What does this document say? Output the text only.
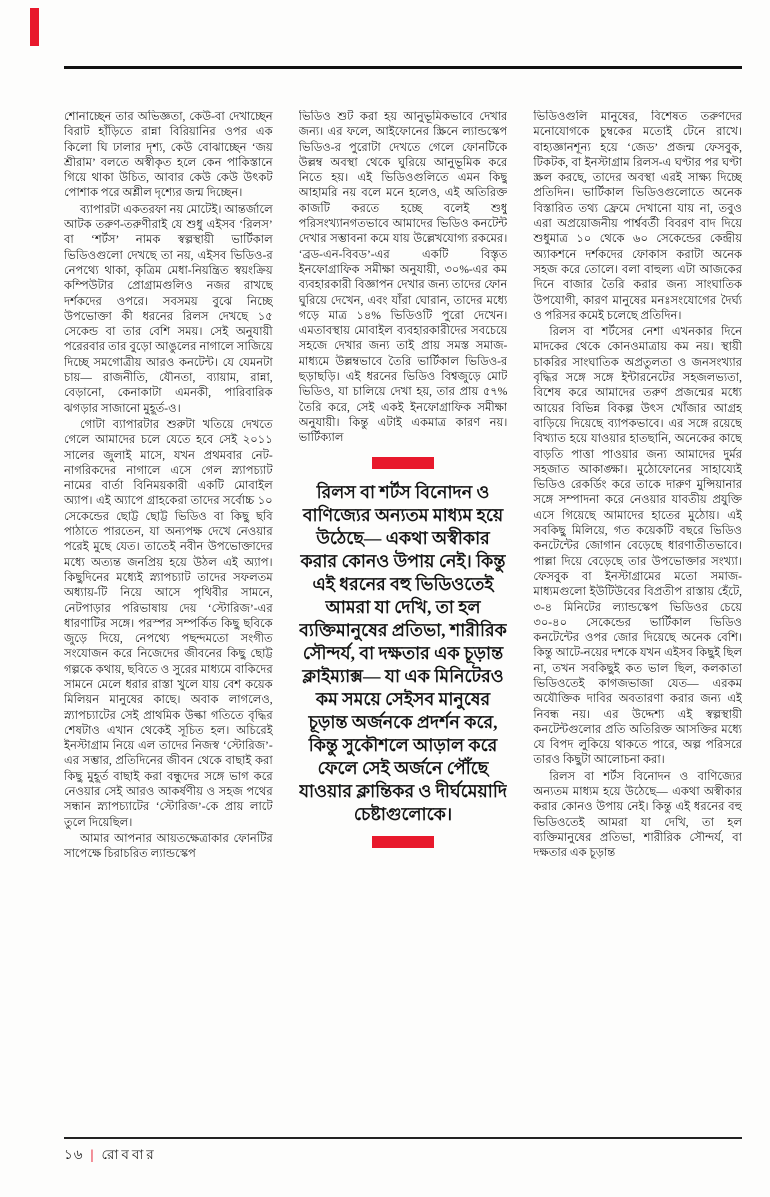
শোনাচ্ছেন তার অভিজ্ঞতা, কেউ-বা দেখাচ্ছেন বিরাট হাঁড়িতে রান্না বিরিয়ানির ওপর এক কিলো ঘি ঢালার দৃশ্য, কেউ বোঝাচ্ছেন ‘জয় শ্রীরাম’ বলতে অস্বীকৃত হলে কেন পাকিস্তানে গিয়ে থাকা উচিত, আবার কেউ কেউ উৎকট পোশাক পরে অশ্লীল দৃশ্যের জন্ম দিচ্ছেন।

ব্যাপারটা একতরফা নয় মোটেই। আন্তর্জালে আটক তরুণ-তরুণীরাই যে শুধু এইসব ‘রিলস’ বা ‘শর্টস’ নামক স্বল্পস্থায়ী ভার্টিকাল ভিডিওগুলো দেখছে তা নয়, এইসব ভিডিও-র নেপথ্যে থাকা, কৃত্রিম মেধা-নিয়ন্ত্রিত স্বয়ংক্রিয় কম্পিউটার প্রোগ্রামগুলিও নজর রাখছে দর্শকদের ওপরে। সবসময় বুঝে নিচ্ছে উপভোক্তা কী ধরনের রিলস দেখছে ১৫ সেকেন্ড বা তার বেশি সময়। সেই অনুযায়ী পরেরবার তার বুড়ো আঙুলের নাগালে সাজিয়ে দিচ্ছে সমগোত্রীয় আরও কনটেন্ট। যে যেমনটা চায়— রাজনীতি, যৌনতা, ব্যায়াম, রান্না, বেড়ানো, কেনাকাটা এমনকী, পারিবারিক ঝগড়ার সাজানো মুহূর্ত-ও।

গোটা ব্যাপারটার শুরুটা খতিয়ে দেখতে গেলে আমাদের চলে যেতে হবে সেই ২০১১ সালের জুলাই মাসে, যখন প্রথমবার নেট-নাগরিকদের নাগালে এসে গেল স্ন্যাপচ্যাট নামের বার্তা বিনিময়কারী একটি মোবাইল অ্যাপ। এই অ্যাপে গ্রাহকেরা তাদের সর্বোচ্চ ১০ সেকেন্ডের ছোট্ট ছোট্ট ভিডিও বা কিছু ছবি পাঠাতে পারতেন, যা অন্যপক্ষ দেখে নেওয়ার পরেই মুছে যেত। তাতেই নবীন উপভোক্তাদের মধ্যে অত্যন্ত জনপ্রিয় হয়ে উঠল এই অ্যাপ। কিছুদিনের মধ্যেই স্ন্যাপচ্যাট তাদের সফলতম অধ্যায়-টি নিয়ে আসে পৃথিবীর সামনে, নেটপাড়ার পরিভাষায় দেয় ‘স্টোরিজ’-এর ধারণাটির সঙ্গে। পরস্পর সম্পর্কিত কিছু ছবিকে জুড়ে দিয়ে, নেপথ্যে পছন্দমতো সংগীত সংযোজন করে নিজেদের জীবনের কিছু ছোট্ট গল্পকে কথায়, ছবিতে ও সুরের মাধ্যমে বাকিদের সামনে মেলে ধরার রাস্তা খুলে যায় বেশ কয়েক মিলিয়ন মানুষের কাছে। অবাক লাগলেও, স্ন্যাপচ্যাটের সেই প্রাথমিক উল্কা গতিতে বৃদ্ধির শেষটাও এখান থেকেই সূচিত হল। অচিরেই ইনস্টাগ্রাম নিয়ে এল তাদের নিজস্ব ‘স্টোরিজ’-এর সম্ভার, প্রতিদিনের জীবন থেকে বাছাই করা কিছু মুহূর্ত বাছাই করা বন্ধুদের সঙ্গে ভাগ করে নেওয়ার সেই আরও আকর্ষণীয় ও সহজ পথের সন্ধান স্ন্যাপচ্যাটের ‘স্টোরিজ’-কে প্রায় লাটে তুলে দিয়েছিল।

আমার আপনার আয়তক্ষেত্রাকার ফোনটির সাপেক্ষে চিরাচরিত ল্যান্ডস্কেপ

ভিডিও শুট করা হয় আনুভূমিকভাবে দেখার জন্য। এর ফলে, আইফোনের স্ক্রিনে ল্যান্ডস্কেপ ভিডিও-র পুরোটা দেখতে গেলে ফোনটিকে উল্লম্ব অবস্থা থেকে ঘুরিয়ে আনুভূমিক করে নিতে হয়। এই ভিডিওগুলিতে এমন কিছু আহামরি নয় বলে মনে হলেও, এই অতিরিক্ত কাজটি করতে হচ্ছে বলেই শুধু পরিসংখ্যানগতভাবে আমাদের ভিডিও কনটেন্ট দেখার সম্ভাবনা কমে যায় উল্লেখযোগ্য রকমের। ‘ব্রড-এন-বিবড’-এর একটি বিস্তৃত ইনফোগ্রাফিক সমীক্ষা অনুযায়ী, ৩০%-এর কম ব্যবহারকারী বিজ্ঞাপন দেখার জন্য তাদের ফোন ঘুরিয়ে দেখেন, এবং যাঁরা ঘোরান, তাদের মধ্যে গড়ে মাত্র ১৪% ভিডিওটি পুরো দেখেন। এমতাবস্থায় মোবাইল ব্যবহারকারীদের সবচেয়ে সহজে দেখার জন্য তাই প্রায় সমস্ত সমাজ-মাধ্যমে উল্লম্বভাবে তৈরি ভার্টিকাল ভিডিও-র ছড়াছড়ি। এই ধরনের ভিডিও বিশ্বজুড়ে মোট ভিডিও, যা চালিয়ে দেখা হয়, তার প্রায় ৫৭% তৈরি করে, সেই একই ইনফোগ্রাফিক সমীক্ষা অনুযায়ী। কিন্তু এটাই একমাত্র কারণ নয়। ভার্টিক্যাল

রিলস বা শর্টস বিনোদন ও বাণিজ্যের অন্যতম মাধ্যম হয়ে উঠেছে— একথা অস্বীকার করার কোনও উপায় নেই। কিন্তু এই ধরনের বহু ভিডিওতেই আমরা যা দেখি, তা হল ব্যক্তিমানুষের প্রতিভা, শারীরিক সৌন্দর্য, বা দক্ষতার এক চূড়ান্ত ক্লাইম্যাক্স— যা এক মিনিটেরও কম সময়ে সেইসব মানুষের চূড়ান্ত অর্জনকে প্রদর্শন করে, কিন্তু সুকৌশলে আড়াল করে ফেলে সেই অর্জনে পৌঁছে যাওয়ার ক্লান্তিকর ও দীর্ঘমেয়াদি চেষ্টাগুলোকে।

ভিডিওগুলি মানুষের, বিশেষত তরুণদের মনোযোগকে চুম্বকের মতোই টেনে রাখে। বাহ্যজ্ঞানশূন্য হয়ে ‘জেড’ প্রজন্ম ফেসবুক, টিকটক, বা ইনস্টাগ্রাম রিলস-এ ঘণ্টার পর ঘণ্টা স্ক্রল করছে, তাদের অবস্থা এরই সাক্ষ্য দিচ্ছে প্রতিদিন। ভার্টিকাল ভিডিওগুলোতে অনেক বিস্তারিত তথ্য ফ্রেমে দেখানো যায় না, তবুও এরা অপ্রয়োজনীয় পার্শ্ববর্তী বিবরণ বাদ দিয়ে শুধুমাত্র ১০ থেকে ৬০ সেকেন্ডের কেন্দ্রীয় অ্যাকশনে দর্শকদের ফোকাস করাটা অনেক সহজ করে তোলে। বলা বাহুল্য এটা আজকের দিনে বাজার তৈরি করার জন্য সাংঘাতিক উপযোগী, কারণ মানুষের মনঃসংযোগের দৈর্ঘ্য ও পরিসর কমেই চলেছে প্রতিদিন।

রিলস বা শর্টসের নেশা এখনকার দিনে মাদকের থেকে কোনওমাত্রায় কম নয়। স্থায়ী চাকরির সাংঘাতিক অপ্রতুলতা ও জনসংখ্যার বৃদ্ধির সঙ্গে সঙ্গে ইন্টারনেটের সহজলভ্যতা, বিশেষ করে আমাদের তরুণ প্রজন্মের মধ্যে আয়ের বিভিন্ন বিকল্প উৎস খোঁজার আগ্রহ বাড়িয়ে দিয়েছে ব্যাপকভাবে। এর সঙ্গে রয়েছে বিখ্যাত হয়ে যাওয়ার হাতছানি, অনেকের কাছে বাড়তি পাত্তা পাওয়ার জন্য আমাদের দুর্মর সহজাত আকাঙ্ক্ষা। মুঠোফোনের সাহায্যেই ভিডিও রেকর্ডিং করে তাকে দারুণ মুন্সিয়ানার সঙ্গে সম্পাদনা করে নেওয়ার যাবতীয় প্রযুক্তি এসে গিয়েছে আমাদের হাতের মুঠোয়। এই সবকিছু মিলিয়ে, গত কয়েকটি বছরে ভিডিও কনটেন্টের জোগান বেড়েছে ধারণাতীতভাবে। পাল্লা দিয়ে বেড়েছে তার উপভোক্তার সংখ্যা। ফেসবুক বা ইনস্টাগ্রামের মতো সমাজ-মাধ্যমগুলো ইউটিউবের বিপ্রতীপ রাস্তায় হেঁটে, ৩-৪ মিনিটের ল্যান্ডস্কেপ ভিডিওর চেয়ে ৩০-৪০ সেকেন্ডের ভার্টিকাল ভিডিও কনটেন্টের ওপর জোর দিয়েছে অনেক বেশি। কিন্তু আটে-নয়ের দশকে যখন এইসব কিছুই ছিল না, তখন সবকিছুই কত ভাল ছিল, কলকাতা ভিডিওতেই কাগজভাজা যেত— এরকম অযৌক্তিক দাবির অবতারণা করার জন্য এই নিবন্ধ নয়। এর উদ্দেশ্য এই স্বল্পস্থায়ী কনটেন্টগুলোর প্রতি অতিরিক্ত আসক্তির মধ্যে যে বিপদ লুকিয়ে থাকতে পারে, অল্প পরিসরে তারও কিছুটা আলোচনা করা।

রিলস বা শর্টস বিনোদন ও বাণিজ্যের অন্যতম মাধ্যম হয়ে উঠেছে— একথা অস্বীকার করার কোনও উপায় নেই। কিন্তু এই ধরনের বহু ভিডিওতেই আমরা যা দেখি, তা হল ব্যক্তিমানুষের প্রতিভা, শারীরিক সৌন্দর্য, বা দক্ষতার এক চূড়ান্ত

১৬ | রোববার
